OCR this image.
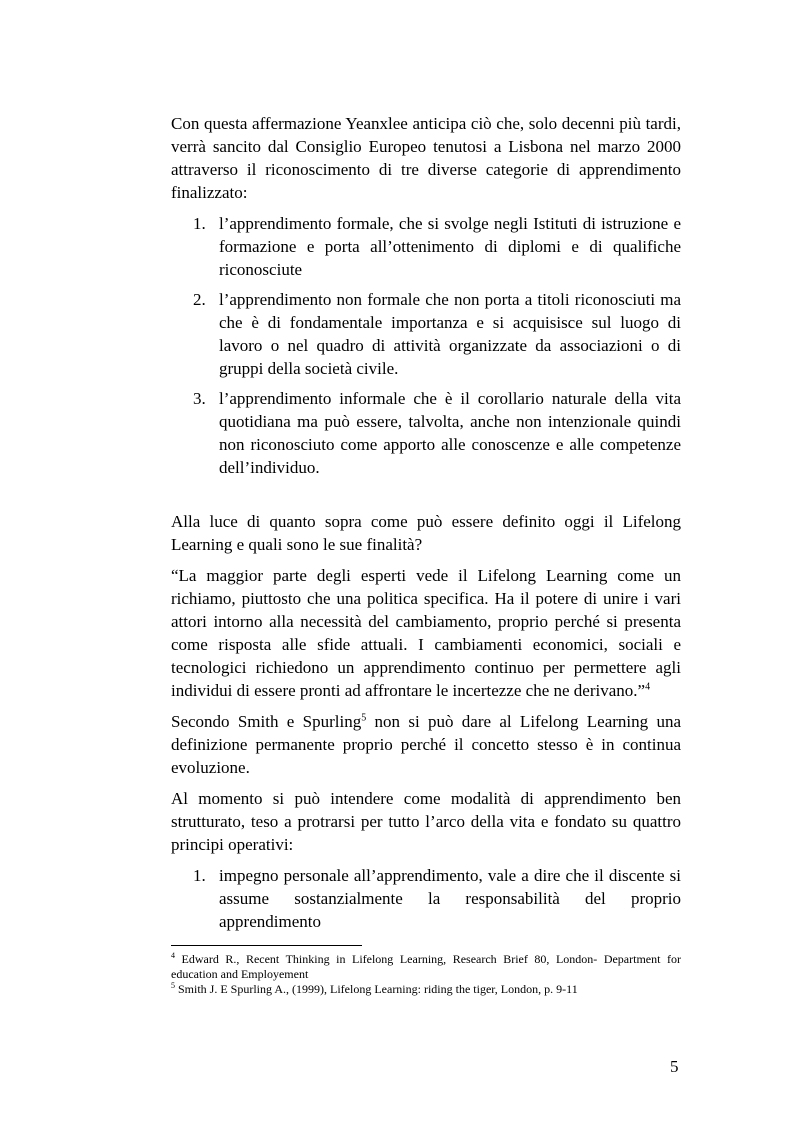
Con questa affermazione Yeanxlee anticipa ciò che, solo decenni più tardi, verrà sancito dal Consiglio Europeo tenutosi a Lisbona nel marzo 2000 attraverso il riconoscimento di tre diverse categorie di apprendimento finalizzato:

1. l’apprendimento formale, che si svolge negli Istituti di istruzione e formazione e porta all’ottenimento di diplomi e di qualifiche riconosciute
2. l’apprendimento non formale che non porta a titoli riconosciuti ma che è di fondamentale importanza e si acquisisce sul luogo di lavoro o nel quadro di attività organizzate da associazioni o di gruppi della società civile.
3. l’apprendimento informale che è il corollario naturale della vita quotidiana ma può essere, talvolta, anche non intenzionale quindi non riconosciuto come apporto alle conoscenze e alle competenze dell’individuo.

Alla luce di quanto sopra come può essere definito oggi il Lifelong Learning e quali sono le sue finalità?

“La maggior parte degli esperti vede il Lifelong Learning come un richiamo, piuttosto che una politica specifica. Ha il potere di unire i vari attori intorno alla necessità del cambiamento, proprio perché si presenta come risposta alle sfide attuali. I cambiamenti economici, sociali e tecnologici richiedono un apprendimento continuo per permettere agli individui di essere pronti ad affrontare le incertezze che ne derivano.”$^4$

Secondo Smith e Spurling$^5$ non si può dare al Lifelong Learning una definizione permanente proprio perché il concetto stesso è in continua evoluzione.

Al momento si può intendere come modalità di apprendimento ben strutturato, teso a protrarsi per tutto l’arco della vita e fondato su quattro principi operativi:

1. impegno personale all’apprendimento, vale a dire che il discente si assume sostanzialmente la responsabilità del proprio apprendimento

$^4$ Edward R., Recent Thinking in Lifelong Learning, Research Brief 80, London- Department for education and Employement

$^5$ Smith J. E Spurling A., (1999), Lifelong Learning: riding the tiger, London, p. 9-11

5
